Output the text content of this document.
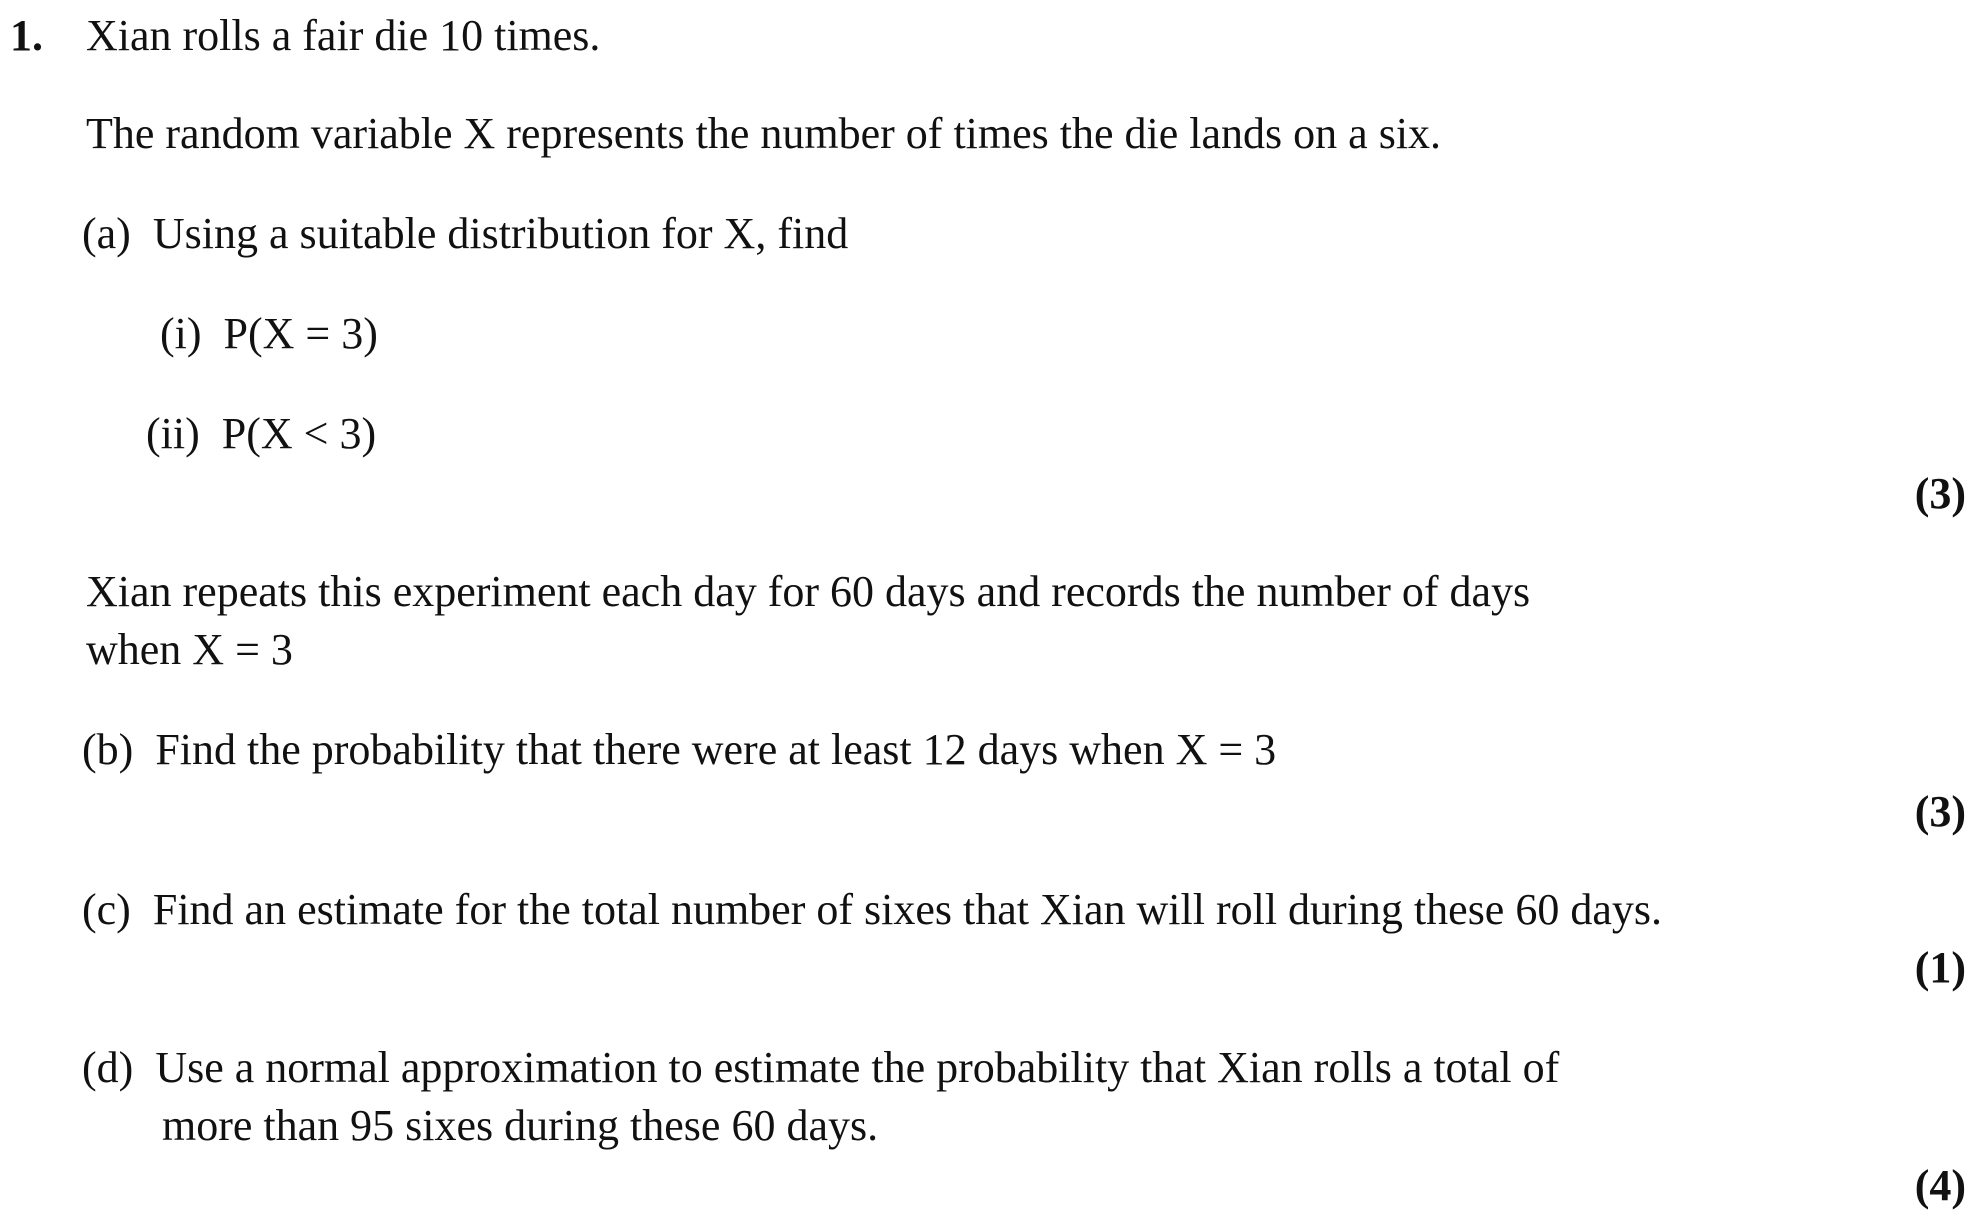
1. Xian rolls a fair die 10 times.
The random variable X represents the number of times the die lands on a six.
(a) Using a suitable distribution for X, find
(i) P(X = 3)
(ii) P(X < 3)
(3)
Xian repeats this experiment each day for 60 days and records the number of days
when X = 3
(b) Find the probability that there were at least 12 days when X = 3
(3)
(c) Find an estimate for the total number of sixes that Xian will roll during these 60 days.
(1)
(d) Use a normal approximation to estimate the probability that Xian rolls a total of
more than 95 sixes during these 60 days.
(4)
